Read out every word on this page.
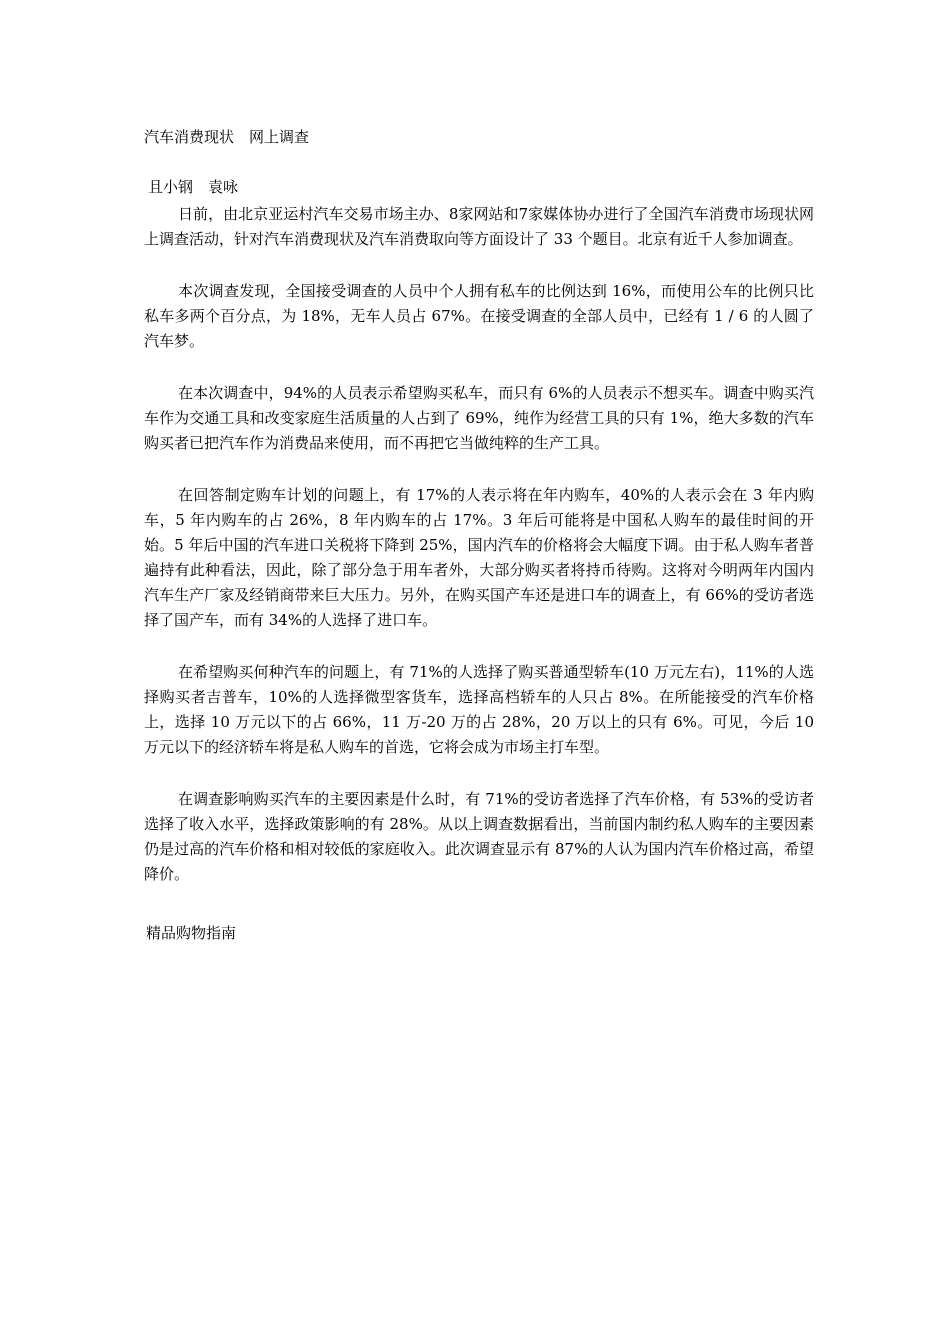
汽车消费现状　网上调查
且小钢　袁咏

日前，由北京亚运村汽车交易市场主办、8家网站和7家媒体协办进行了全国汽车消费市场现状网上调查活动，针对汽车消费现状及汽车消费取向等方面设计了 33 个题目。北京有近千人参加调查。

本次调查发现，全国接受调查的人员中个人拥有私车的比例达到 16%，而使用公车的比例只比私车多两个百分点，为 18%，无车人员占 67%。在接受调查的全部人员中，已经有 1 / 6 的人圆了汽车梦。

在本次调查中，94%的人员表示希望购买私车，而只有 6%的人员表示不想买车。调查中购买汽车作为交通工具和改变家庭生活质量的人占到了 69%，纯作为经营工具的只有 1%，绝大多数的汽车购买者已把汽车作为消费品来使用，而不再把它当做纯粹的生产工具。

在回答制定购车计划的问题上，有 17%的人表示将在年内购车，40%的人表示会在 3 年内购车，5 年内购车的占 26%，8 年内购车的占 17%。3 年后可能将是中国私人购车的最佳时间的开始。5 年后中国的汽车进口关税将下降到 25%，国内汽车的价格将会大幅度下调。由于私人购车者普遍持有此种看法，因此，除了部分急于用车者外，大部分购买者将持币待购。这将对今明两年内国内汽车生产厂家及经销商带来巨大压力。另外，在购买国产车还是进口车的调查上，有 66%的受访者选择了国产车，而有 34%的人选择了进口车。

在希望购买何种汽车的问题上，有 71%的人选择了购买普通型轿车(10 万元左右)，11%的人选择购买者吉普车，10%的人选择微型客货车，选择高档轿车的人只占 8%。在所能接受的汽车价格上，选择 10 万元以下的占 66%，11 万-20 万的占 28%，20 万以上的只有 6%。可见，今后 10 万元以下的经济轿车将是私人购车的首选，它将会成为市场主打车型。

在调查影响购买汽车的主要因素是什么时，有 71%的受访者选择了汽车价格，有 53%的受访者选择了收入水平，选择政策影响的有 28%。从以上调查数据看出，当前国内制约私人购车的主要因素仍是过高的汽车价格和相对较低的家庭收入。此次调查显示有 87%的人认为国内汽车价格过高，希望降价。

精品购物指南
